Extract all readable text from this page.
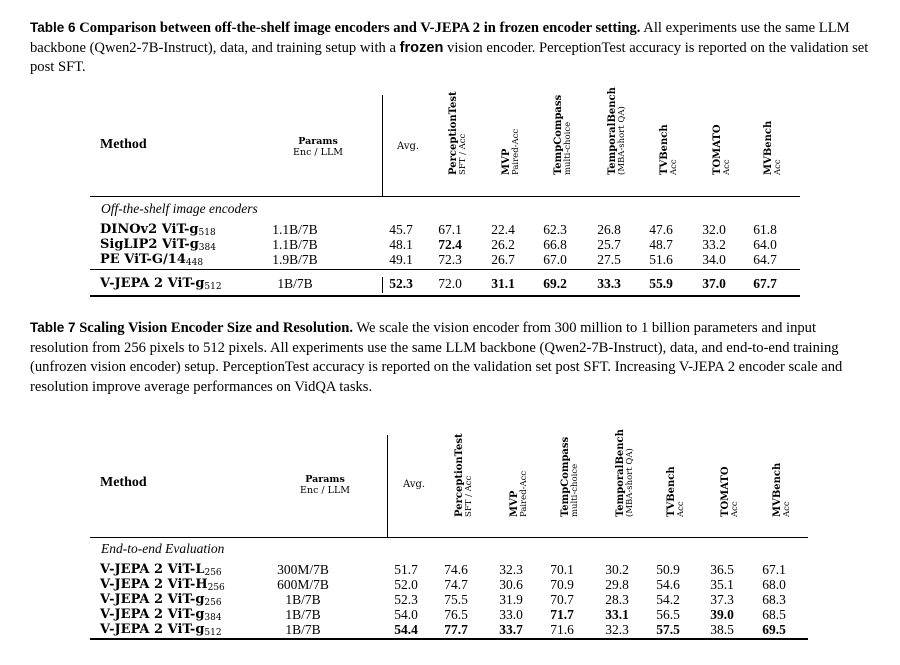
Table 6 Comparison between off-the-shelf image encoders and V-JEPA 2 in frozen encoder setting. All experiments use the same LLM backbone (Qwen2-7B-Instruct), data, and training setup with a frozen vision encoder. PerceptionTest accuracy is reported on the validation set post SFT.
Method	Params
Enc / LLM
Avg.	PerceptionTest SFT / Acc	MVP Paired-Acc	TempCompass multi-choice	TemporalBench (MBA-short QA)	TVBench Acc	TOMATO Acc	MVBench Acc
Off-the-shelf image encoders
DINOv2 ViT-$g_{518}$	1.1B/7B	45.7	67.1	22.4	62.3	26.8	47.6	32.0	61.8
SigLIP2 ViT-$g_{384}$	1.1B/7B	48.1	72.4	26.2	66.8	25.7	48.7	33.2	64.0
PE ViT-$G/14_{448}$	1.9B/7B	49.1	72.3	26.7	67.0	27.5	51.6	34.0	64.7
V-JEPA 2 ViT-$g_{512}$	1B/7B	52.3	72.0	31.1	69.2	33.3	55.9	37.0	67.7
Table 7 Scaling Vision Encoder Size and Resolution. We scale the vision encoder from 300 million to 1 billion parameters and input resolution from 256 pixels to 512 pixels. All experiments use the same LLM backbone (Qwen2-7B-Instruct), data, and end-to-end training (unfrozen vision encoder) setup. PerceptionTest accuracy is reported on the validation set post SFT. Increasing V-JEPA 2 encoder scale and resolution improve average performances on VidQA tasks.
Method	Params
Enc / LLM
Avg.	PerceptionTest SFT / Acc	MVP Paired-Acc	TempCompass multi-choice	TemporalBench (MBA-short QA)	TVBench Acc	TOMATO Acc	MVBench Acc
End-to-end Evaluation
V-JEPA 2 ViT-$L_{256}$	300M/7B	51.7	74.6	32.3	70.1	30.2	50.9	36.5	67.1
V-JEPA 2 ViT-$H_{256}$	600M/7B	52.0	74.7	30.6	70.9	29.8	54.6	35.1	68.0
V-JEPA 2 ViT-$g_{256}$	1B/7B	52.3	75.5	31.9	70.7	28.3	54.2	37.3	68.3
V-JEPA 2 ViT-$g_{384}$	1B/7B	54.0	76.5	33.0	71.7	33.1	56.5	39.0	68.5
V-JEPA 2 ViT-$g_{512}$	1B/7B	54.4	77.7	33.7	71.6	32.3	57.5	38.5	69.5
